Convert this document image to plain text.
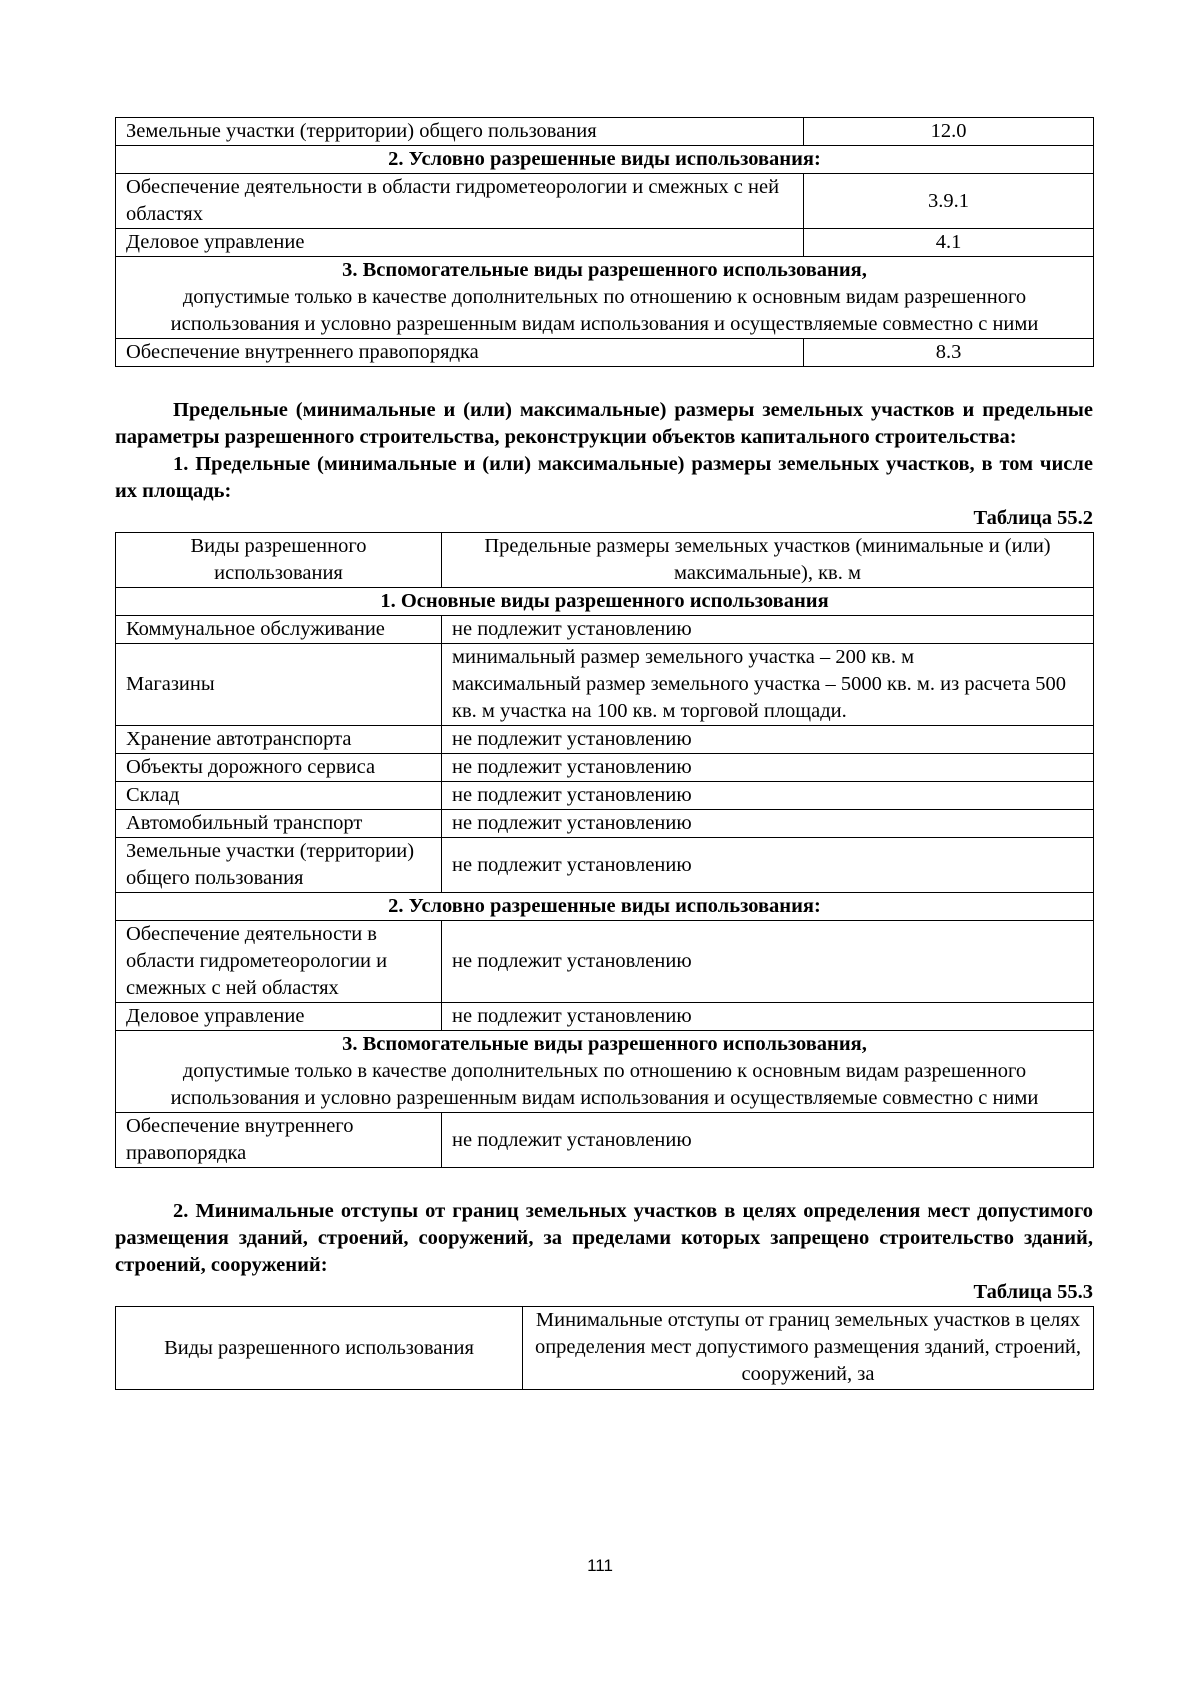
Земельные участки (территории) общего пользования	12.0
2. Условно разрешенные виды использования:	
Обеспечение деятельности в области гидрометеорологии и смежных с ней областях	3.9.1
Деловое управление	4.1

3. Вспомогательные виды разрешенного использования,
допустимые только в качестве дополнительных по отношению к основным видам разрешенного использования и условно разрешенным видам использования и осуществляемые совместно с ними	

Обеспечение внутреннего правопорядка	8.3

Предельные (минимальные и (или) максимальные) размеры земельных участков и предельные параметры разрешенного строительства, реконструкции объектов капитального строительства:

1. Предельные (минимальные и (или) максимальные) размеры земельных участков, в том числе их площадь:

Таблица 55.2

Виды разрешенного использования	Предельные размеры земельных участков (минимальные и (или) максимальные), кв. м
1. Основные виды разрешенного использования	
Коммунальное обслуживание	не подлежит установлению
Магазины	минимальный размер земельного участка – 200 кв. м
максимальный размер земельного участка – 5000 кв. м. из расчета 500 кв. м участка на 100 кв. м торговой площади.

Хранение автотранспорта	не подлежит установлению
Объекты дорожного сервиса	не подлежит установлению
Склад	не подлежит установлению
Автомобильный транспорт	не подлежит установлению
Земельные участки (территории) общего пользования	не подлежит установлению
2. Условно разрешенные виды использования:	
Обеспечение деятельности в области гидрометеорологии и смежных с ней областях	не подлежит установлению
Деловое управление	не подлежит установлению

3. Вспомогательные виды разрешенного использования,
допустимые только в качестве дополнительных по отношению к основным видам разрешенного использования и условно разрешенным видам использования и осуществляемые совместно с ними	

Обеспечение внутреннего правопорядка	не подлежит установлению

2. Минимальные отступы от границ земельных участков в целях определения мест допустимого размещения зданий, строений, сооружений, за пределами которых запрещено строительство зданий, строений, сооружений:

Таблица 55.3

Виды разрешенного использования	Минимальные отступы от границ земельных участков в целях определения мест допустимого размещения зданий, строений, сооружений, за
111
